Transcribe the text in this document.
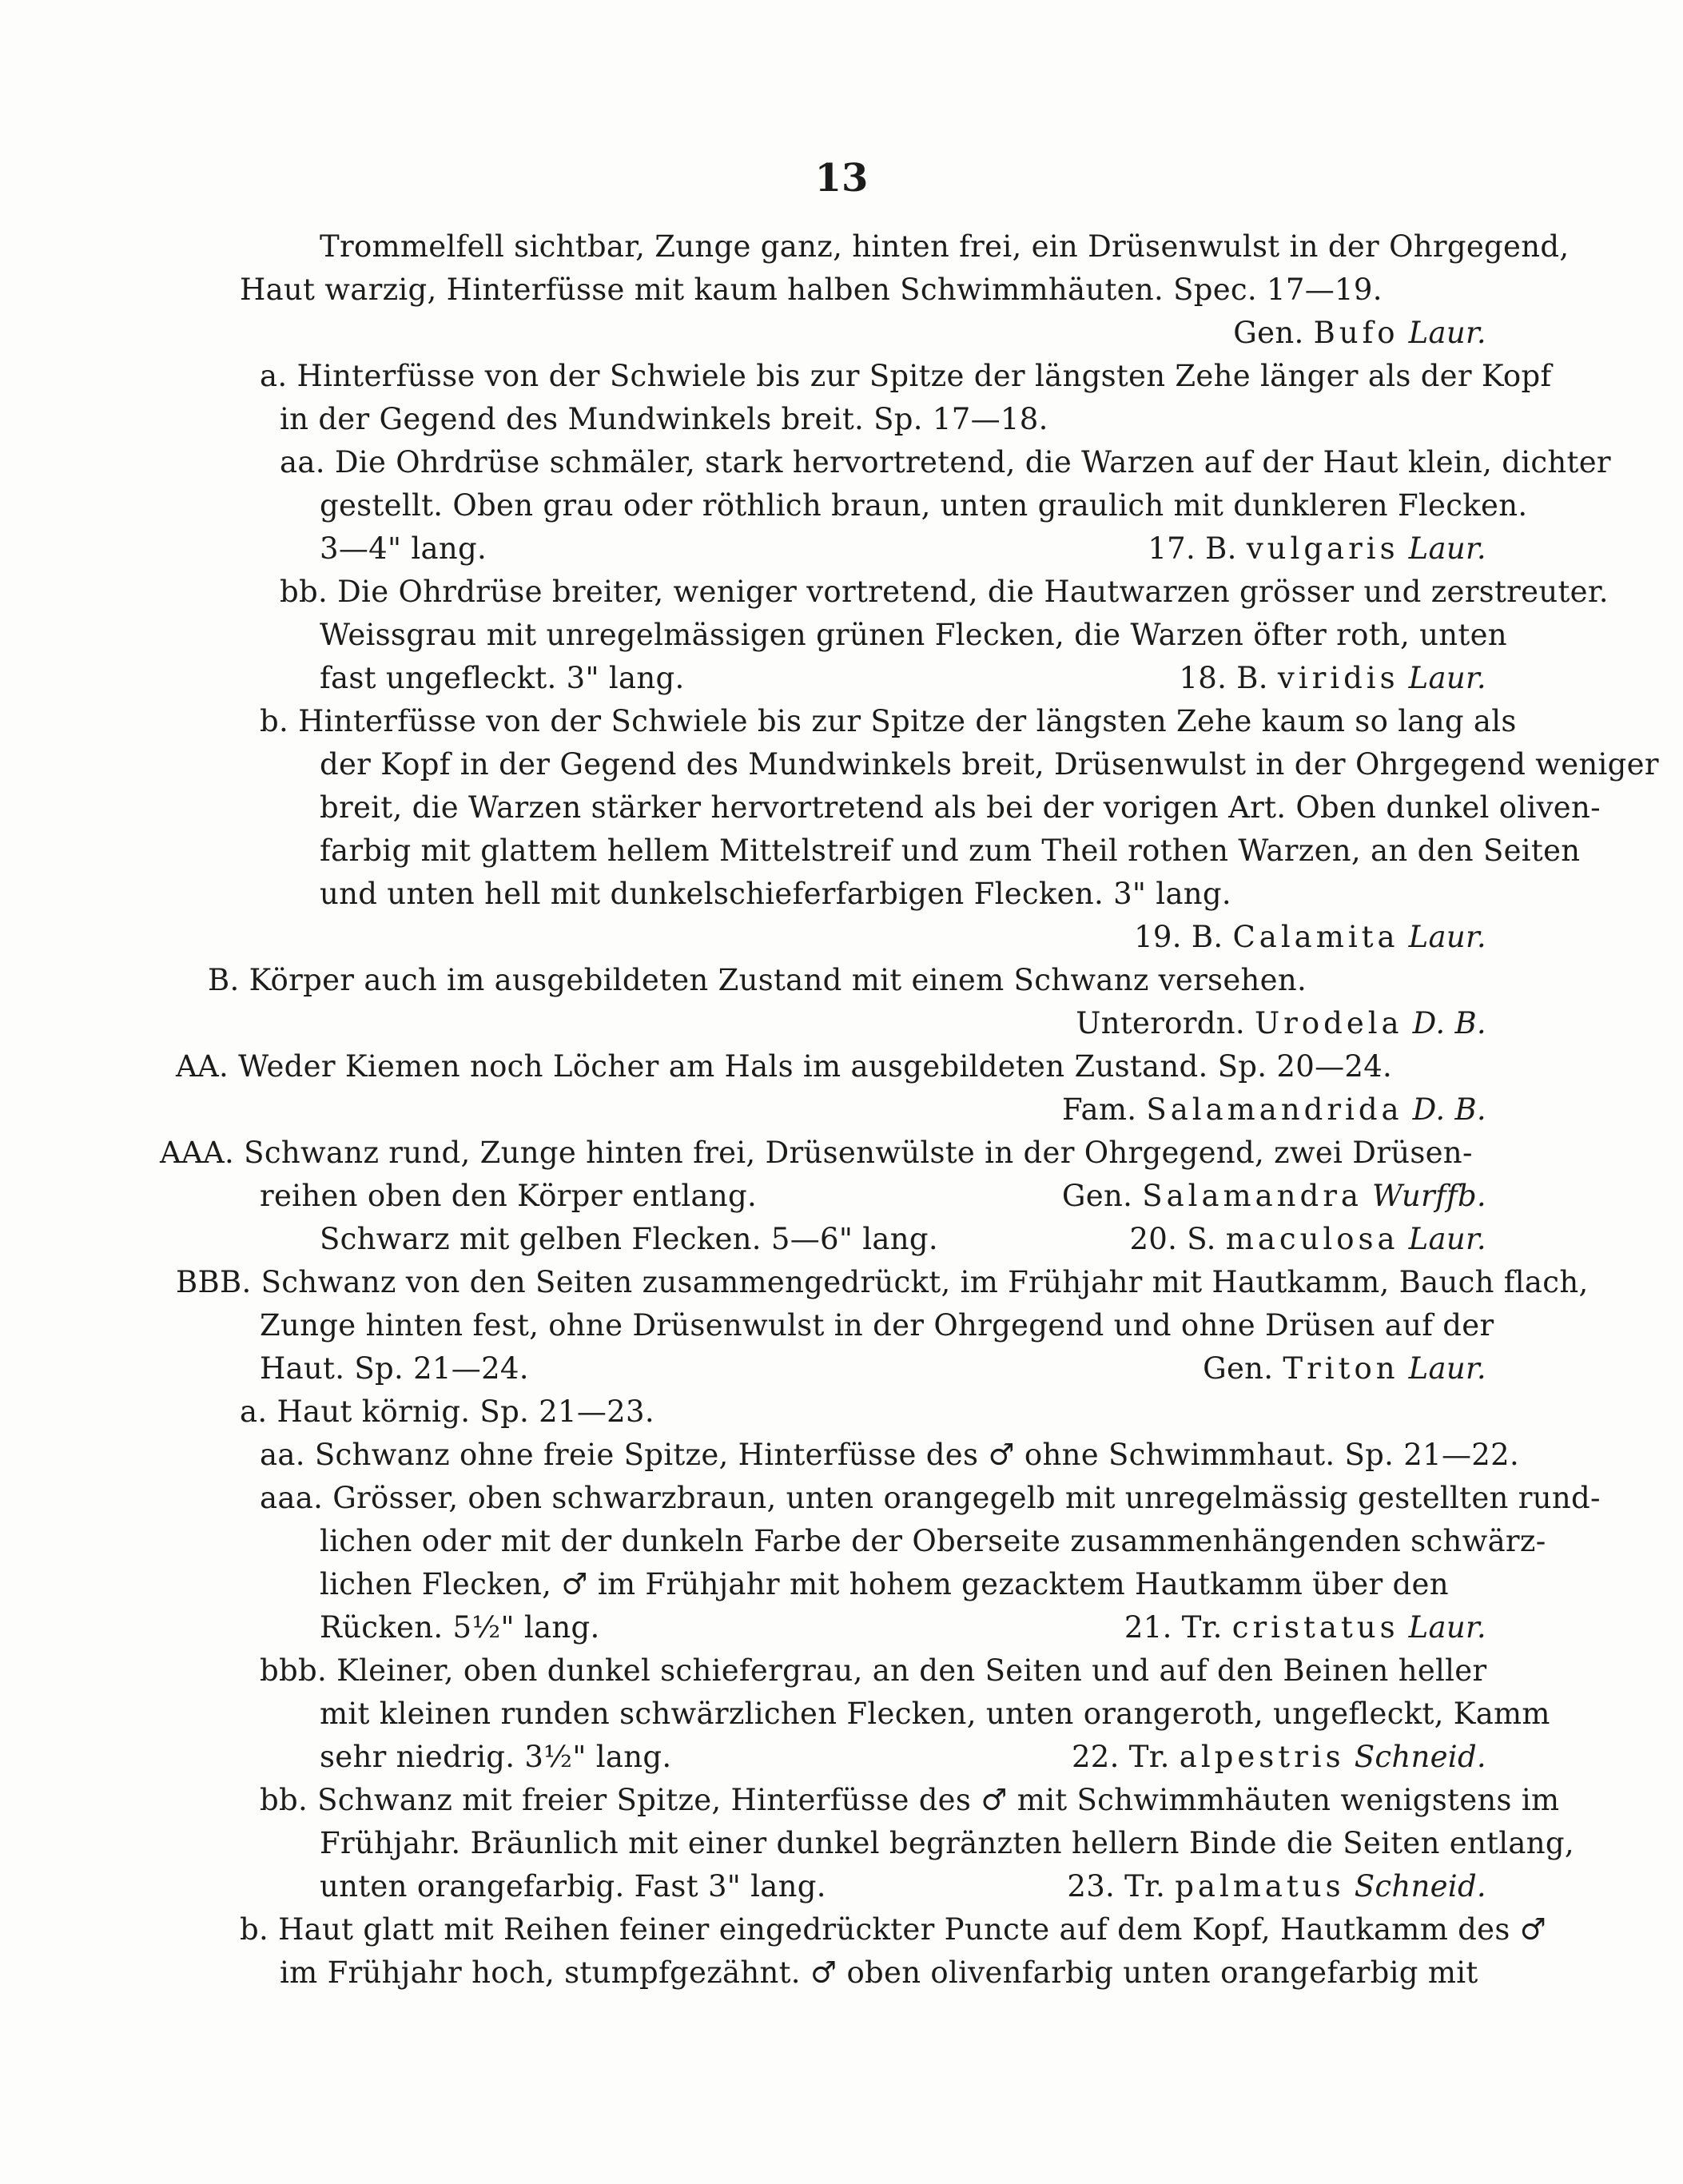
13
Trommelfell sichtbar, Zunge ganz, hinten frei, ein Drüsenwulst in der Ohrgegend,
Haut warzig, Hinterfüsse mit kaum halben Schwimmhäuten. Spec. 17—19.
Gen. Bufo Laur.
a. Hinterfüsse von der Schwiele bis zur Spitze der längsten Zehe länger als der Kopf
in der Gegend des Mundwinkels breit. Sp. 17—18.
aa. Die Ohrdrüse schmäler, stark hervortretend, die Warzen auf der Haut klein, dichter
gestellt. Oben grau oder röthlich braun, unten graulich mit dunkleren Flecken.
3—4" lang.	17. B. vulgaris Laur.
bb. Die Ohrdrüse breiter, weniger vortretend, die Hautwarzen grösser und zerstreuter.
Weissgrau mit unregelmässigen grünen Flecken, die Warzen öfter roth, unten
fast ungefleckt. 3" lang.	18. B. viridis Laur.
b. Hinterfüsse von der Schwiele bis zur Spitze der längsten Zehe kaum so lang als
der Kopf in der Gegend des Mundwinkels breit, Drüsenwulst in der Ohrgegend weniger
breit, die Warzen stärker hervortretend als bei der vorigen Art. Oben dunkel oliven-
farbig mit glattem hellem Mittelstreif und zum Theil rothen Warzen, an den Seiten
und unten hell mit dunkelschieferfarbigen Flecken. 3" lang.
19. B. Calamita Laur.
B. Körper auch im ausgebildeten Zustand mit einem Schwanz versehen.
Unterordn. Urodela D. B.
AA. Weder Kiemen noch Löcher am Hals im ausgebildeten Zustand. Sp. 20—24.
Fam. Salamandrida D. B.
AAA. Schwanz rund, Zunge hinten frei, Drüsenwülste in der Ohrgegend, zwei Drüsen-
reihen oben den Körper entlang.	Gen. Salamandra Wurffb.
Schwarz mit gelben Flecken. 5—6" lang.	20. S. maculosa Laur.
BBB. Schwanz von den Seiten zusammengedrückt, im Frühjahr mit Hautkamm, Bauch flach,
Zunge hinten fest, ohne Drüsenwulst in der Ohrgegend und ohne Drüsen auf der
Haut. Sp. 21—24.	Gen. Triton Laur.
a. Haut körnig. Sp. 21—23.
aa. Schwanz ohne freie Spitze, Hinterfüsse des ♂ ohne Schwimmhaut. Sp. 21—22.
aaa. Grösser, oben schwarzbraun, unten orangegelb mit unregelmässig gestellten rund-
lichen oder mit der dunkeln Farbe der Oberseite zusammenhängenden schwärz-
lichen Flecken, ♂ im Frühjahr mit hohem gezacktem Hautkamm über den
Rücken. 5½" lang.	21. Tr. cristatus Laur.
bbb. Kleiner, oben dunkel schiefergrau, an den Seiten und auf den Beinen heller
mit kleinen runden schwärzlichen Flecken, unten orangeroth, ungefleckt, Kamm
sehr niedrig. 3½" lang.	22. Tr. alpestris Schneid.
bb. Schwanz mit freier Spitze, Hinterfüsse des ♂ mit Schwimmhäuten wenigstens im
Frühjahr. Bräunlich mit einer dunkel begränzten hellern Binde die Seiten entlang,
unten orangefarbig. Fast 3" lang.	23. Tr. palmatus Schneid.
b. Haut glatt mit Reihen feiner eingedrückter Puncte auf dem Kopf, Hautkamm des ♂
im Frühjahr hoch, stumpfgezähnt. ♂ oben olivenfarbig unten orangefarbig mit
